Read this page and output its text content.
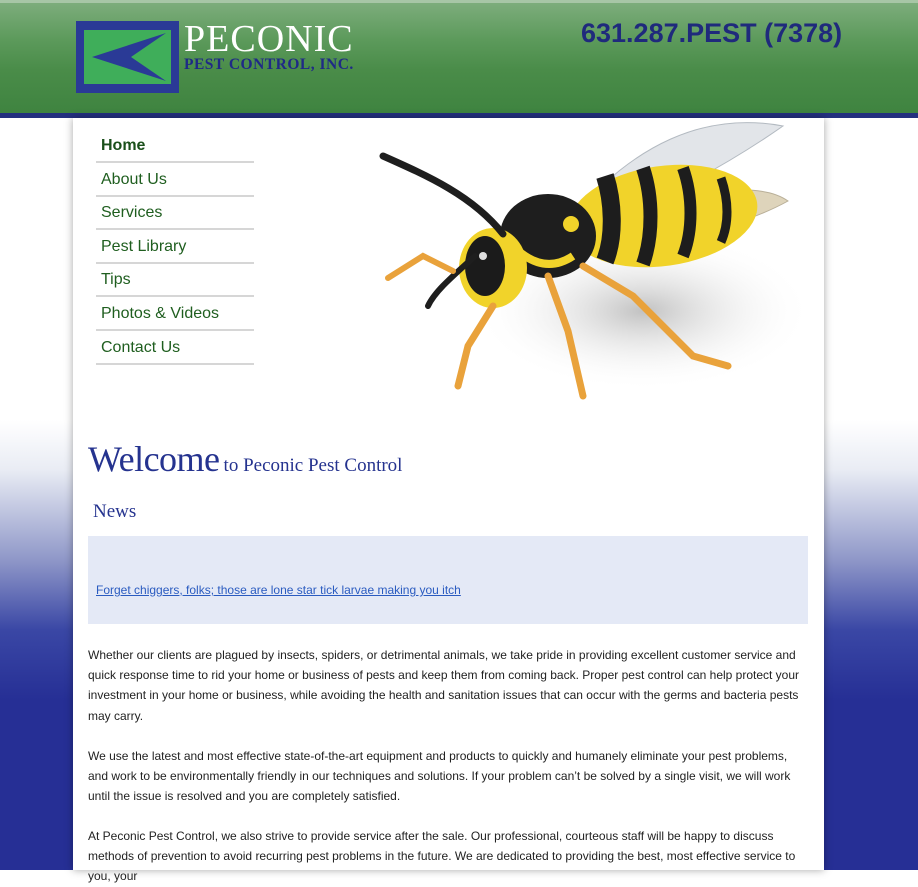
PECONIC
PEST CONTROL, INC.
631.287.PEST (7378)
Home
About Us
Services
Pest Library
Tips
Photos & Videos
Contact Us
Welcome to Peconic Pest Control
News
Forget chiggers, folks; those are lone star tick larvae making you itch

Whether our clients are plagued by insects, spiders, or detrimental animals, we take pride in providing excellent customer service and quick response time to rid your home or business of pests and keep them from coming back. Proper pest control can help protect your investment in your home or business, while avoiding the health and sanitation issues that can occur with the germs and bacteria pests may carry.

We use the latest and most effective state-of-the-art equipment and products to quickly and humanely eliminate your pest problems, and work to be environmentally friendly in our techniques and solutions. If your problem can’t be solved by a single visit, we will work until the issue is resolved and you are completely satisfied.

At Peconic Pest Control, we also strive to provide service after the sale. Our professional, courteous staff will be happy to discuss methods of prevention to avoid recurring pest problems in the future. We are dedicated to providing the best, most effective service to you, your
